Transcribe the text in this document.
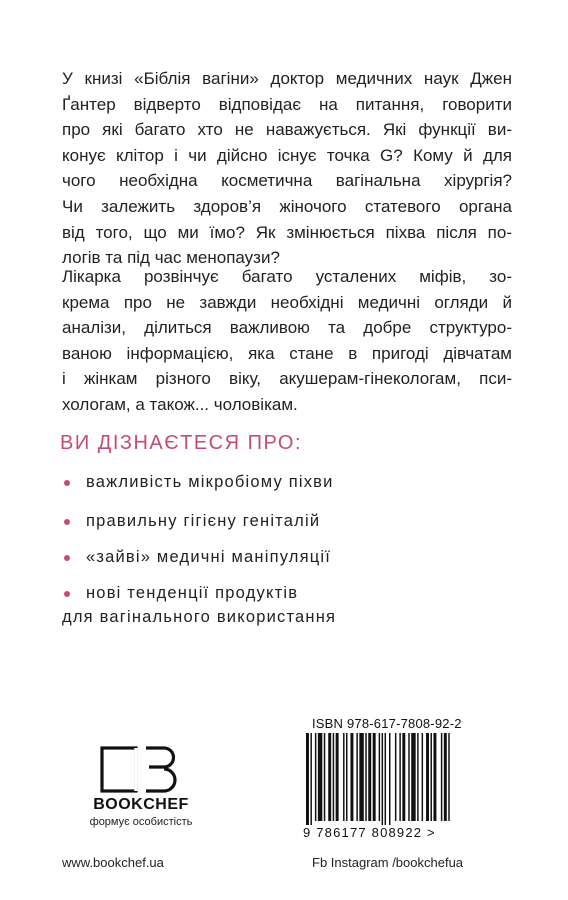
У книзі «Біблія вагіни» доктор медичних наук Джен
Ґантер відверто відповідає на питання, говорити
про які багато хто не наважується. Які функції ви-
конує клітор і чи дійсно існує точка G? Кому й для
чого необхідна косметична вагінальна хірургія?
Чи залежить здоров’я жіночого статевого органа
від того, що ми їмо? Як змінюється піхва після по-
логів та під час менопаузи?
Лікарка розвінчує багато усталених міфів, зо-
крема про не завжди необхідні медичні огляди й
аналізи, ділиться важливою та добре структуро-
ваною інформацією, яка стане в пригоді дівчатам
і жінкам різного віку, акушерам-гінекологам, пси-
хологам, а також... чоловікам.
ВИ ДІЗНАЄТЕСЯ ПРО:
важливість мікробіому піхви
правильну гігієну геніталій
«зайві» медичні маніпуляції
нові тенденції продуктів
для вагінального використання
BOOKCHEF
формує особистість
ISBN 978-617-7808-92-2
9 786177 808922 >
www.bookchef.ua	Fb Instagram /bookchefua
